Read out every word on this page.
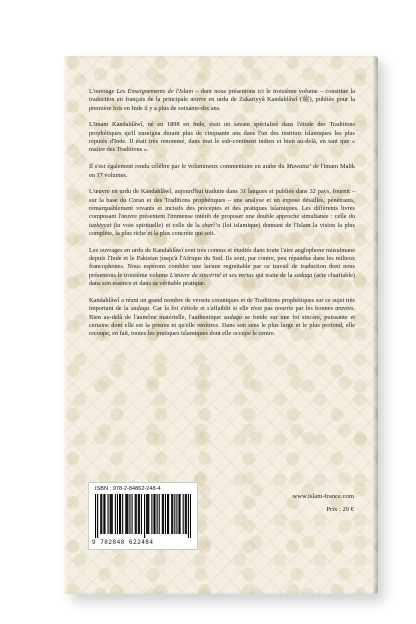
L'ouvrage Les Enseignements de l'Islam – dont nous présentons ici le troisième volume – constitue la traduction en français de la principale œuvre en urdu de Zakariyyâ Kandahlâwî (ﷺ), publiée pour la première fois en Inde il y a plus de soixante-dix ans.

L'imam Kandahlâwî, né en 1898 en Inde, était un savant spécialisé dans l'étude des Traditions prophétiques qu'il enseigna durant plus de cinquante ans dans l'un des instituts islamiques les plus réputés d'Inde. Il était très renommé, dans tout le sub-continent indien et bien au-delà, en tant que « maître des Traditions ».

Il s'est également rendu célèbre par le volumineux commentaire en arabe du Muwattaʼ de l'imam Malik en 17 volumes.

L'œuvre en urdu de Kandahlâwî, aujourd'hui traduite dans 31 langues et publiée dans 32 pays, fournit – sur la base du Coran et des Traditions prophétiques – une analyse et un exposé détaillés, pénétrants, remarquablement vivants et incisifs des préceptes et des pratiques islamiques. Les différents livres composant l'œuvre présentent l'immense intérêt de proposer une double approche simultanée : celle du tazkiyyat fia voie spirituelle) et celle de la sharîʻa (loi islamique) donnant de l'Islam la vision la plus complète, la plus riche et la plus concrète qui soit.

Les ouvrages en urdu de Kandahlâwî sont très connus et étudiés dans toute l'aire anglophone musulmane depuis l'Inde et le Pakistan jusqu'à l'Afrique du Sud. Ils sont, par contre, peu répandus dans les milieux francophones. Nous espérons combler une lacune regrettable par ce travail de traduction dont nous présentons le troisième volume L'œuvre de sincérité et ses vertus qui traite de la sadaqa (acte charitable) dans son essence et dans sa véritable pratique.

Kandahlâwî a réuni un grand nombre de versets coraniques et de Traditions prophétiques sur ce sujet très important de la sadaqa. Car la foi s'étiole et s'affaiblit si elle n'est pas nourrie par les bonnes œuvres. Bien au-delà de l'aumône matérielle, l'authentique sadaqa se fonde sur une foi sincère, puissante et certaine dont elle est la preuve et qu'elle renforce. Dans son sens le plus large et le plus profond, elle recoupe, en fait, toutes les pratiques islamiques dont elle occupe le centre.

ISBN : 978-2-84862-248-4
9 782848 622484
www.islam-france.com
Prix : 20 €
